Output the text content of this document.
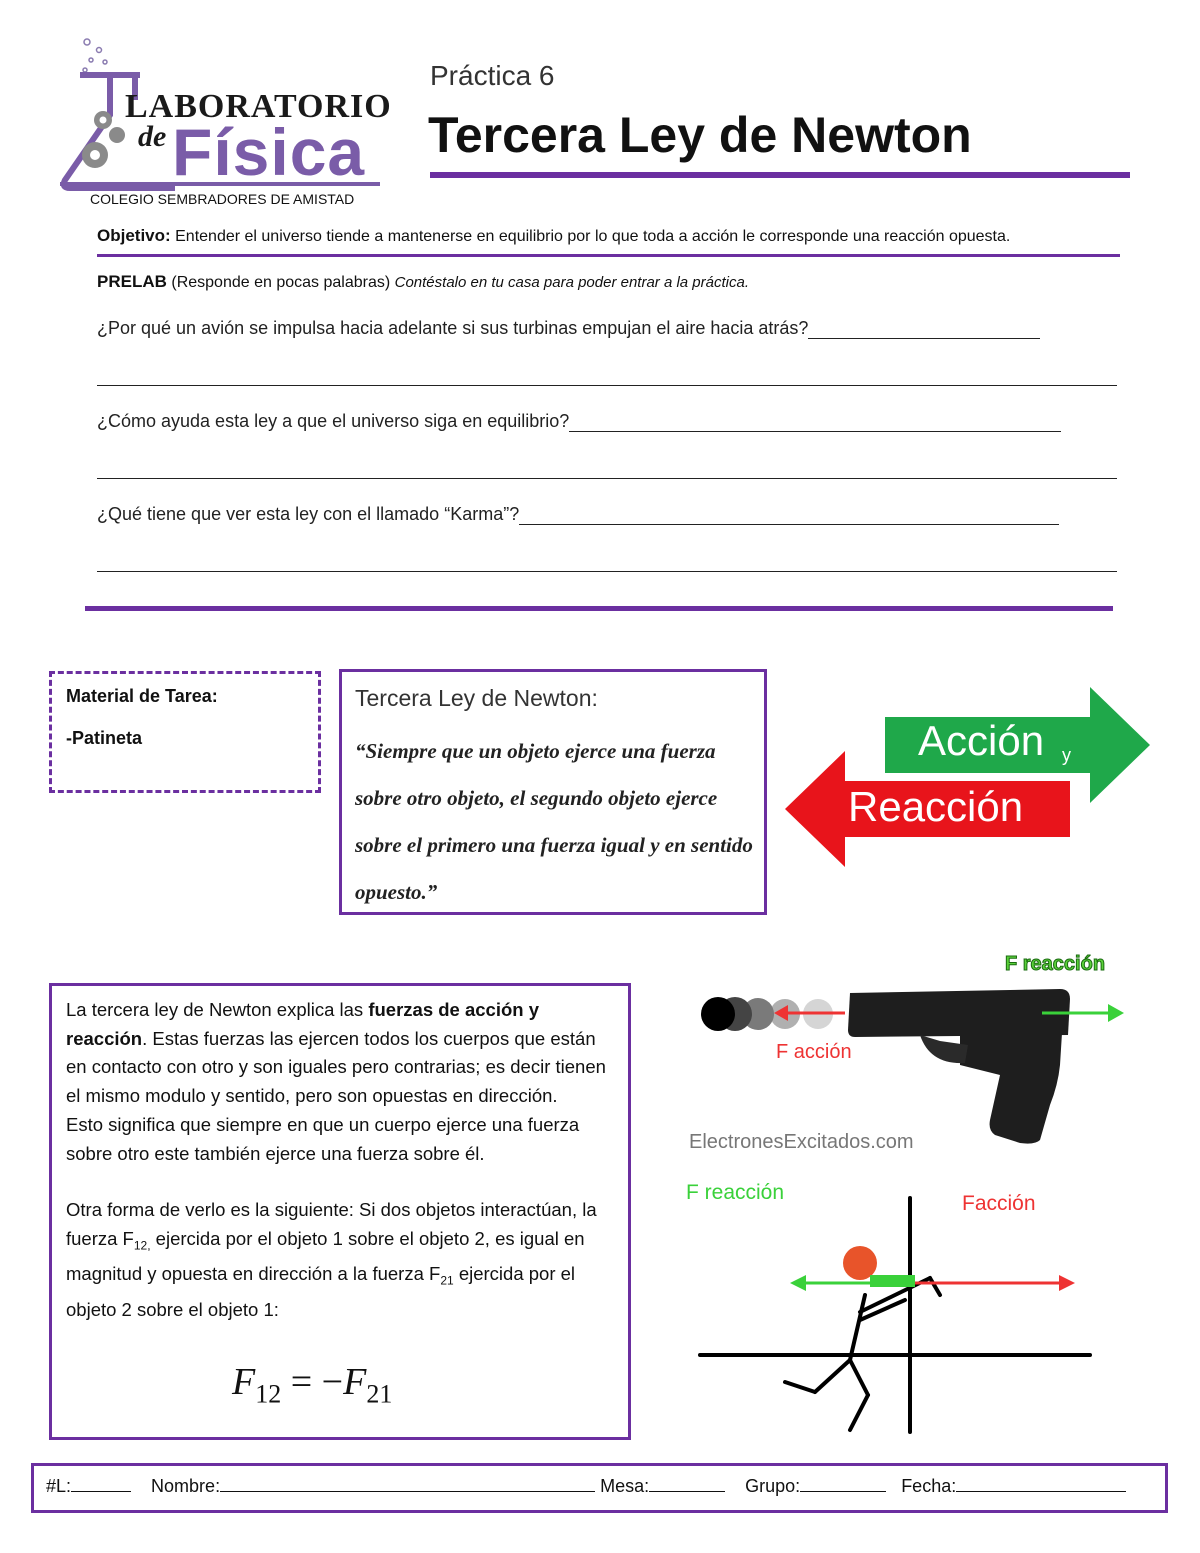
LABORATORIO
de Física
COLEGIO SEMBRADORES DE AMISTAD
Práctica 6
Tercera Ley de Newton
Objetivo: Entender el universo tiende a mantenerse en equilibrio por lo que toda a acción le corresponde una reacción opuesta.
PRELAB (Responde en pocas palabras) Contéstalo en tu casa para poder entrar a la práctica.
¿Por qué un avión se impulsa hacia adelante si sus turbinas empujan el aire hacia atrás?
¿Cómo ayuda esta ley a que el universo siga en equilibrio?
¿Qué tiene que ver esta ley con el llamado “Karma”?
Material de Tarea:
-Patineta
Tercera Ley de Newton:
“Siempre que un objeto ejerce una fuerza sobre otro objeto, el segundo objeto ejerce sobre el primero una fuerza igual y en sentido opuesto.”
Acción y
Reacción
La tercera ley de Newton explica las fuerzas de acción y reacción. Estas fuerzas las ejercen todos los cuerpos que están en contacto con otro y son iguales pero contrarias; es decir tienen el mismo modulo y sentido, pero son opuestas en dirección.
Esto significa que siempre en que un cuerpo ejerce una fuerza sobre otro este también ejerce una fuerza sobre él.
Otra forma de verlo es la siguiente: Si dos objetos interactúan, la fuerza $F_{12,}$ ejercida por el objeto 1 sobre el objeto 2, es igual en magnitud y opuesta en dirección a la fuerza $F_{21}$ ejercida por el objeto 2 sobre el objeto 1:
$F_{12} = -F_{21}$
F reacción
F acción
ElectronesExcitados.com
F reacción	Facción
#L:	Nombre:	Mesa:	Grupo:	Fecha:
